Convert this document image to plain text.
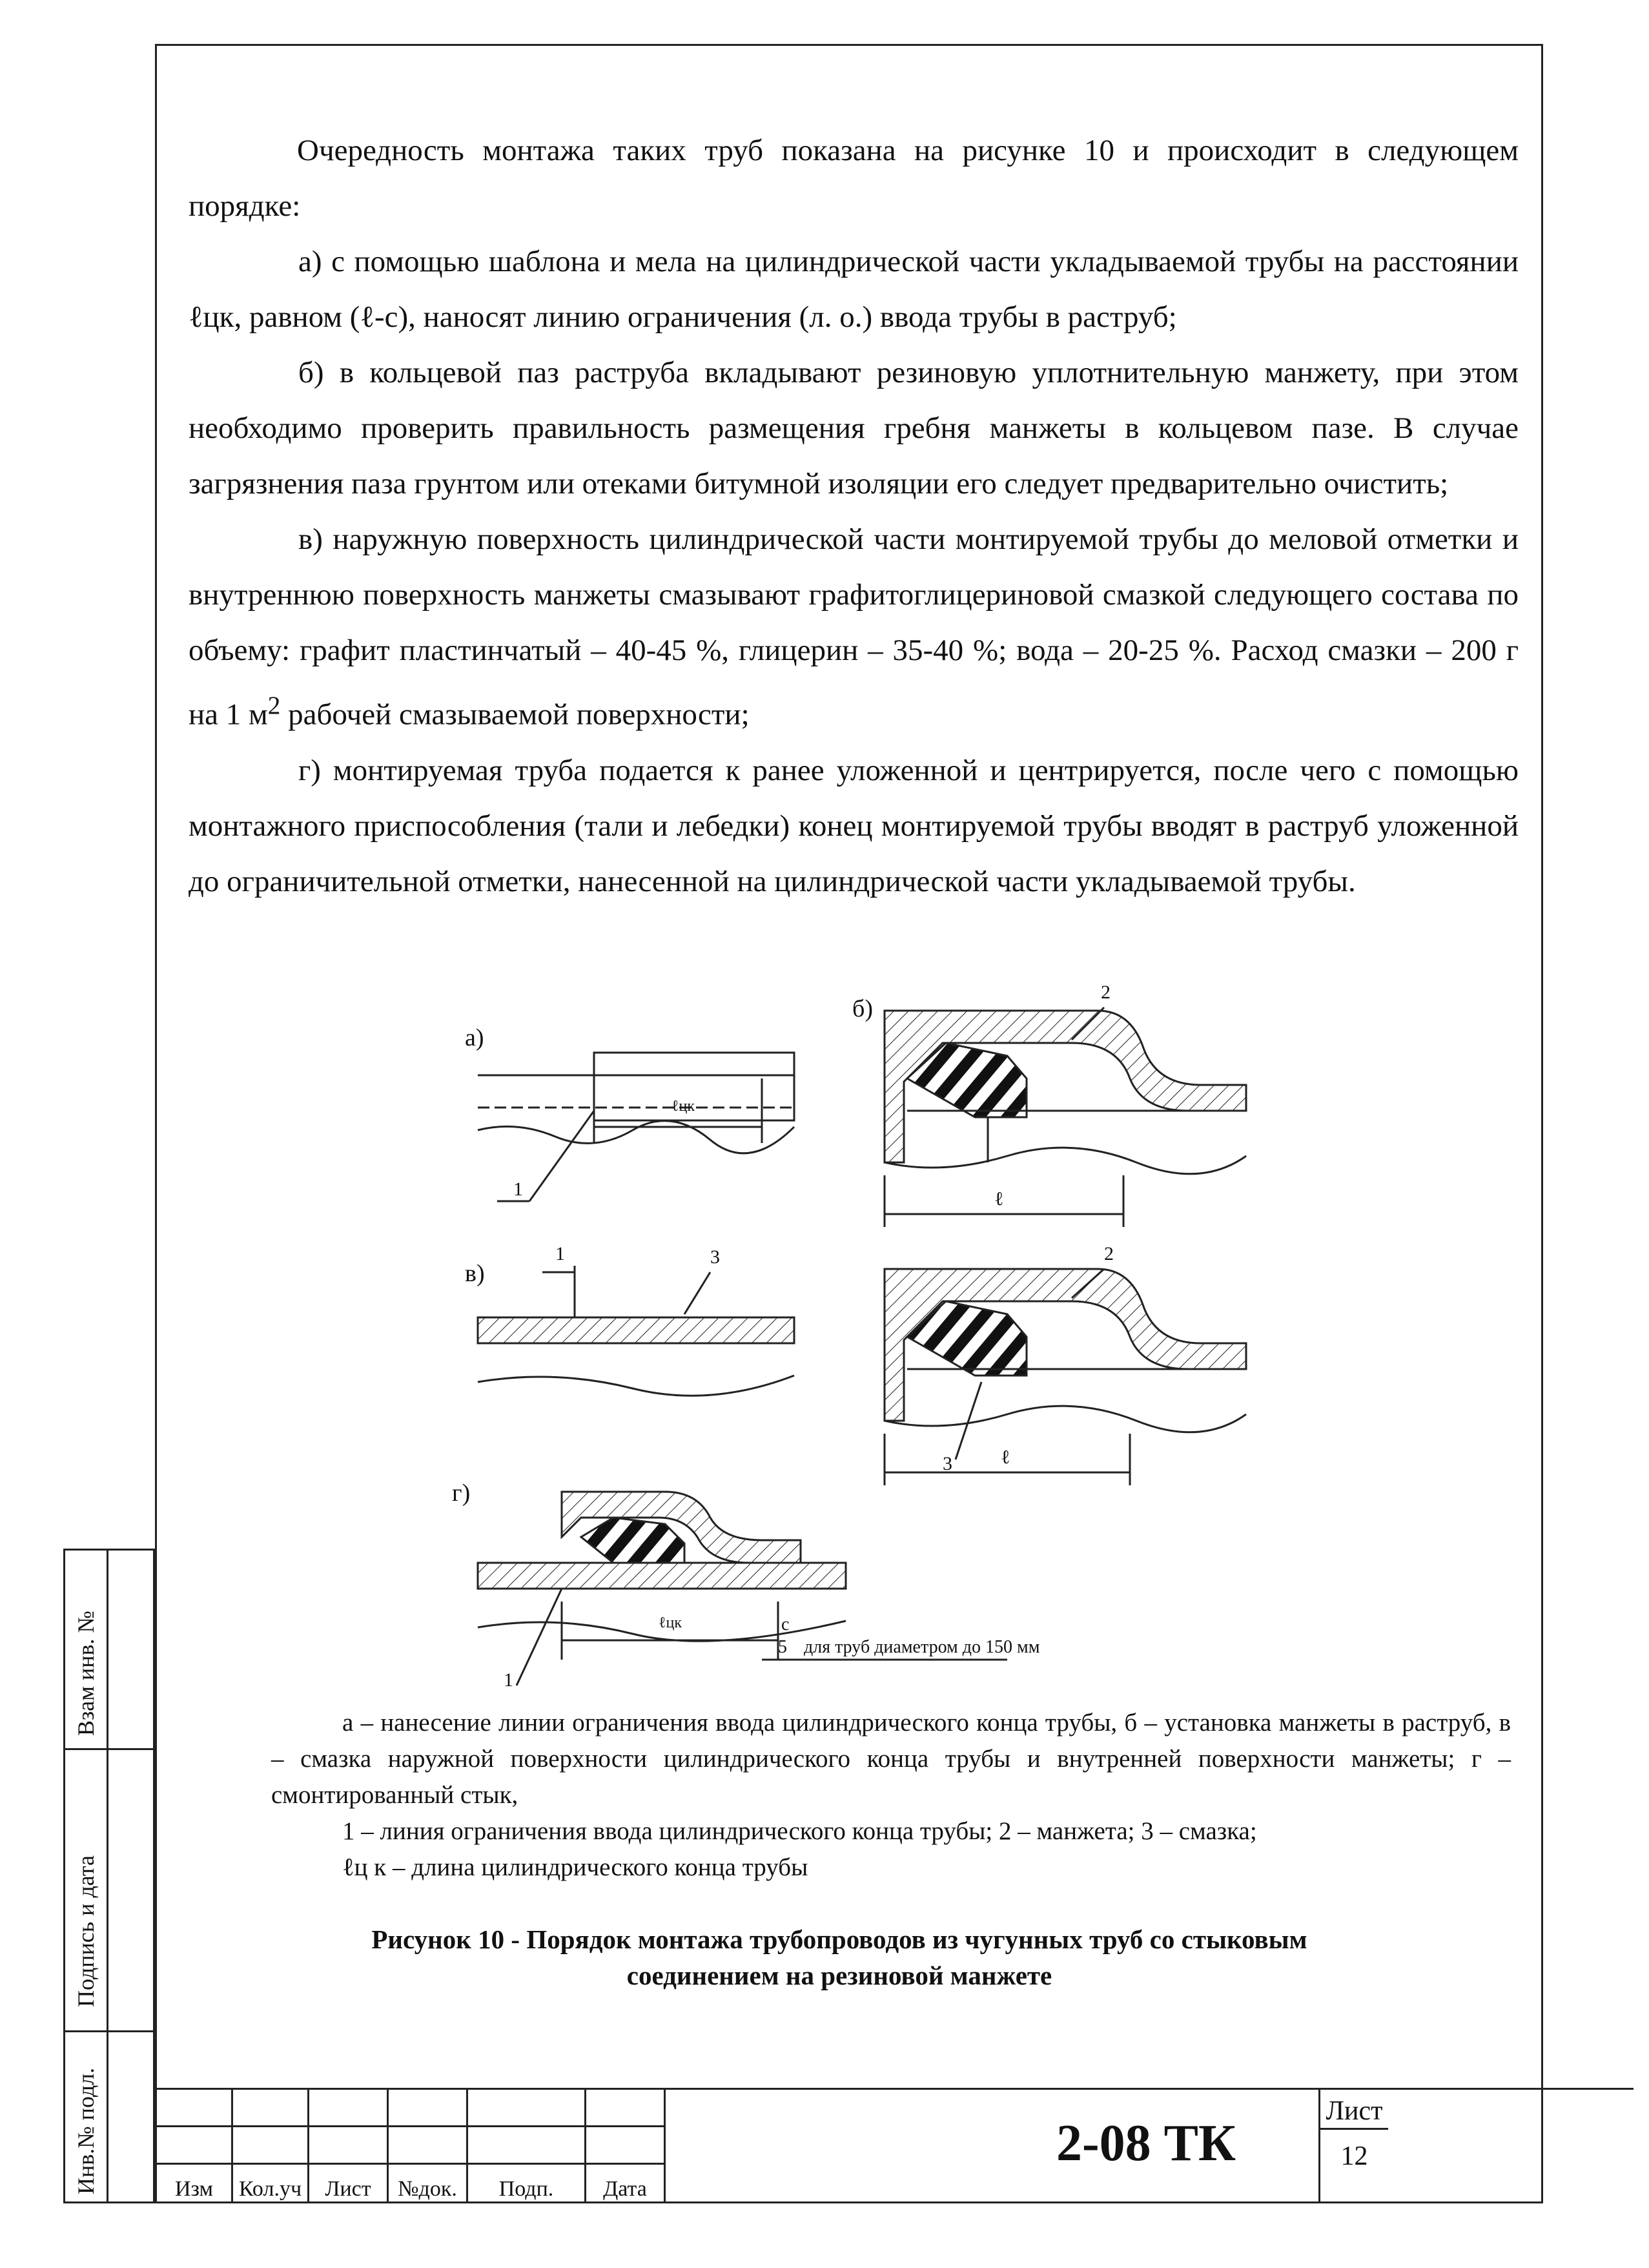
Очередность монтажа таких труб показана на рисунке 10 и происходит в следующем порядке:

а) с помощью шаблона и мела на цилиндрической части укладываемой трубы на расстоянии ℓцк, равном (ℓ-с), наносят линию ограничения (л. о.) ввода трубы в раструб;

б) в кольцевой паз раструба вкладывают резиновую уплотнительную манжету, при этом необходимо проверить правильность размещения гребня манжеты в кольцевом пазе. В случае загрязнения паза грунтом или отеками битумной изоляции его следует предварительно очистить;

в) наружную поверхность цилиндрической части монтируемой трубы до меловой отметки и внутреннюю поверхность манжеты смазывают графитоглицериновой смазкой следующего состава по объему: графит пластинчатый – 40-45 %, глицерин – 35-40 %; вода – 20-25 %. Расход смазки – 200 г на 1 $м^2$ рабочей смазываемой поверхности;

г) монтируемая труба подается к ранее уложенной и центрируется, после чего с помощью монтажного приспособления (тали и лебедки) конец монтируемой трубы вводят в раструб уложенной до ограничительной отметки, нанесенной на цилиндрической части укладываемой трубы.

а)
б)
в)
г)
1
2
1	3	2
3
1
ℓцк
ℓ
ℓ
ℓцк	с
5 для труб диаметром до 150 мм

а – нанесение линии ограничения ввода цилиндрического конца трубы, б – установка манжеты в раструб, в – смазка наружной поверхности цилиндрического конца трубы и внутренней поверхности манжеты; г – смонтированный стык,

1 – линия ограничения ввода цилиндрического конца трубы; 2 – манжета; 3 – смазка;

ℓц к – длина цилиндрического конца трубы

Рисунок 10 - Порядок монтажа трубопроводов из чугунных труб со стыковым
соединением на резиновой манжете
Взам инв. №
Подпись и дата
Инв.№ подл.

						Изм	Кол.уч	Лист	№док.	Подп.	Дата
2-08 ТК
Лист
12
